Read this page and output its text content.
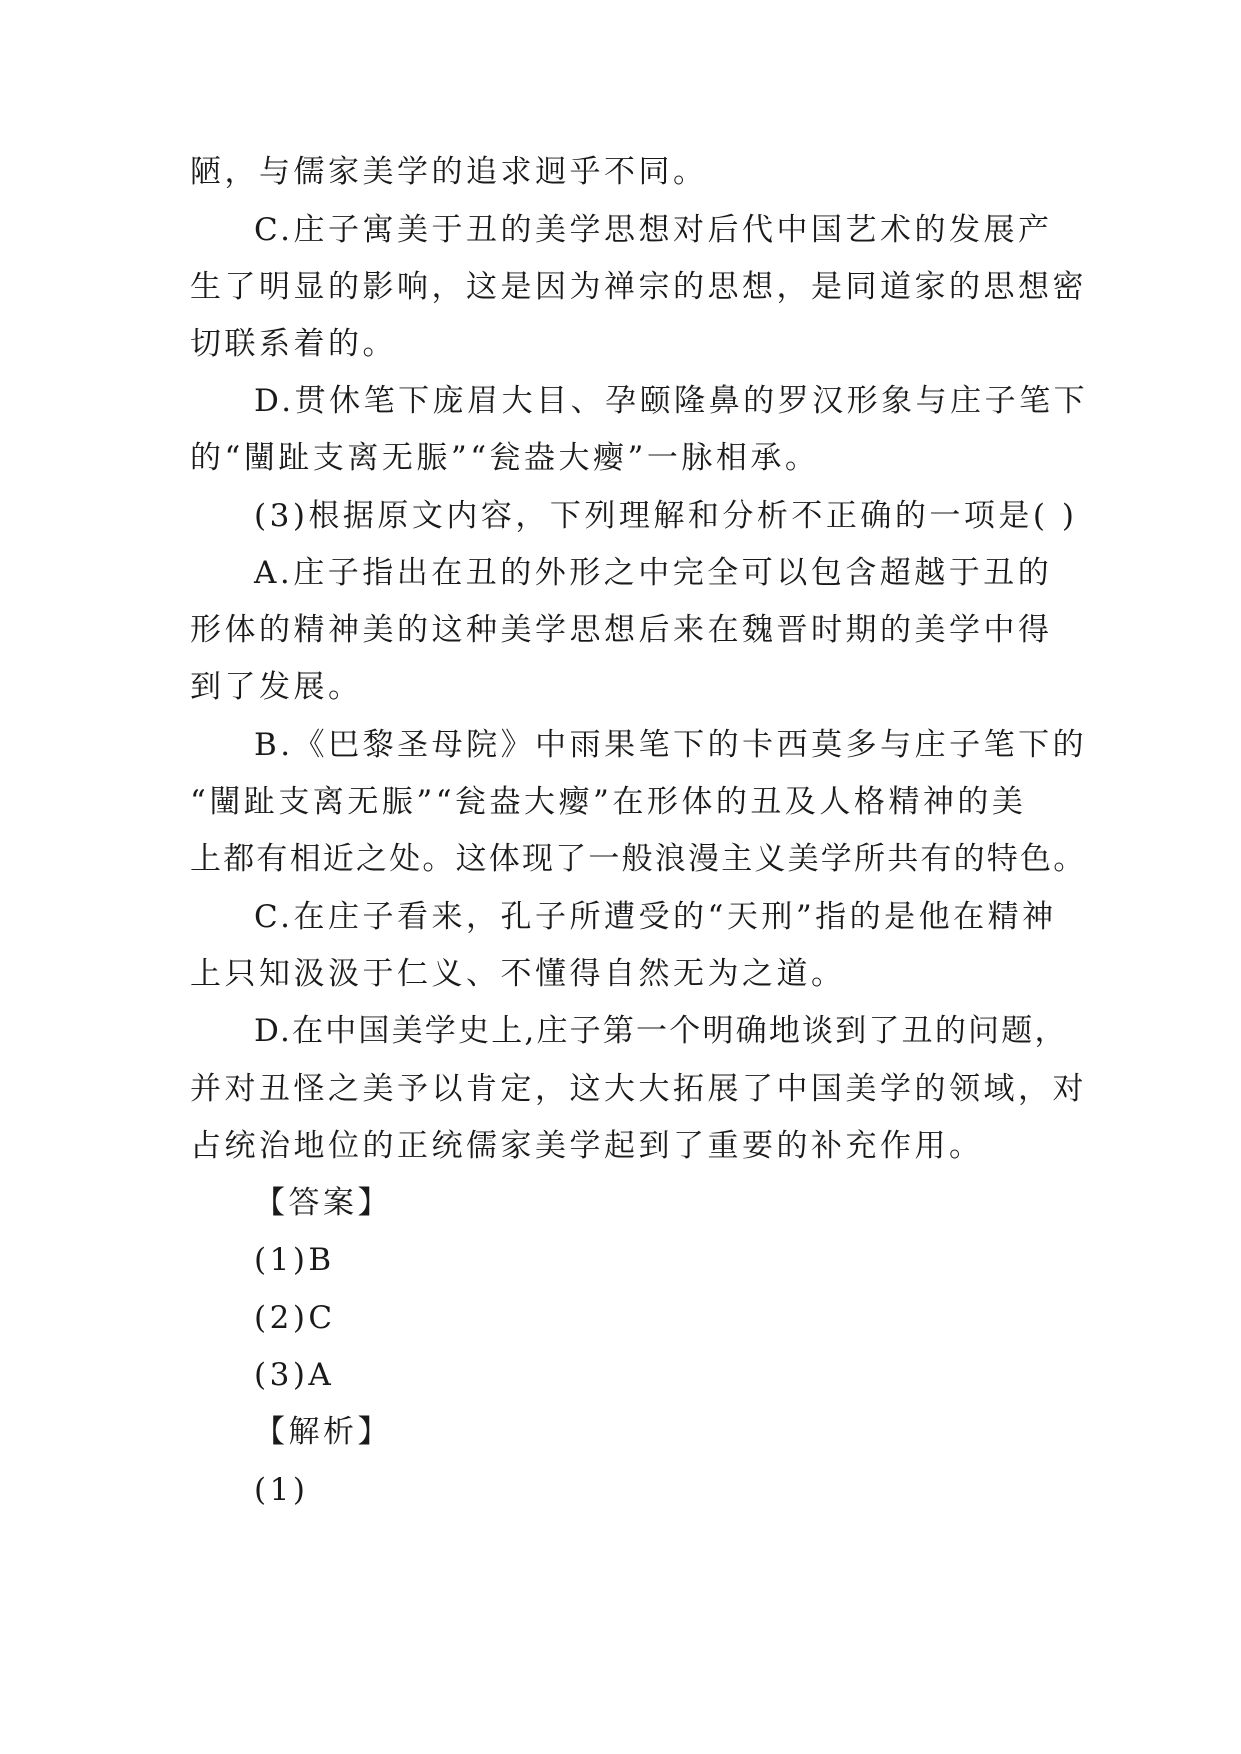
陋，与儒家美学的追求迥乎不同。
C.庄子寓美于丑的美学思想对后代中国艺术的发展产
生了明显的影响，这是因为禅宗的思想，是同道家的思想密
切联系着的。
D.贯休笔下庞眉大目、孕颐隆鼻的罗汉形象与庄子笔下
的“闉趾支离无脤”“瓮盎大瘿”一脉相承。
(3)根据原文内容，下列理解和分析不正确的一项是( )
A.庄子指出在丑的外形之中完全可以包含超越于丑的
形体的精神美的这种美学思想后来在魏晋时期的美学中得
到了发展。
B.《巴黎圣母院》中雨果笔下的卡西莫多与庄子笔下的
“闉趾支离无脤”“瓮盎大瘿”在形体的丑及人格精神的美
上都有相近之处。这体现了一般浪漫主义美学所共有的特色。
C.在庄子看来，孔子所遭受的“天刑”指的是他在精神
上只知汲汲于仁义、不懂得自然无为之道。
D.在中国美学史上,庄子第一个明确地谈到了丑的问题，
并对丑怪之美予以肯定，这大大拓展了中国美学的领域，对
占统治地位的正统儒家美学起到了重要的补充作用。
【答案】
(1)B
(2)C
(3)A
【解析】
(1)
